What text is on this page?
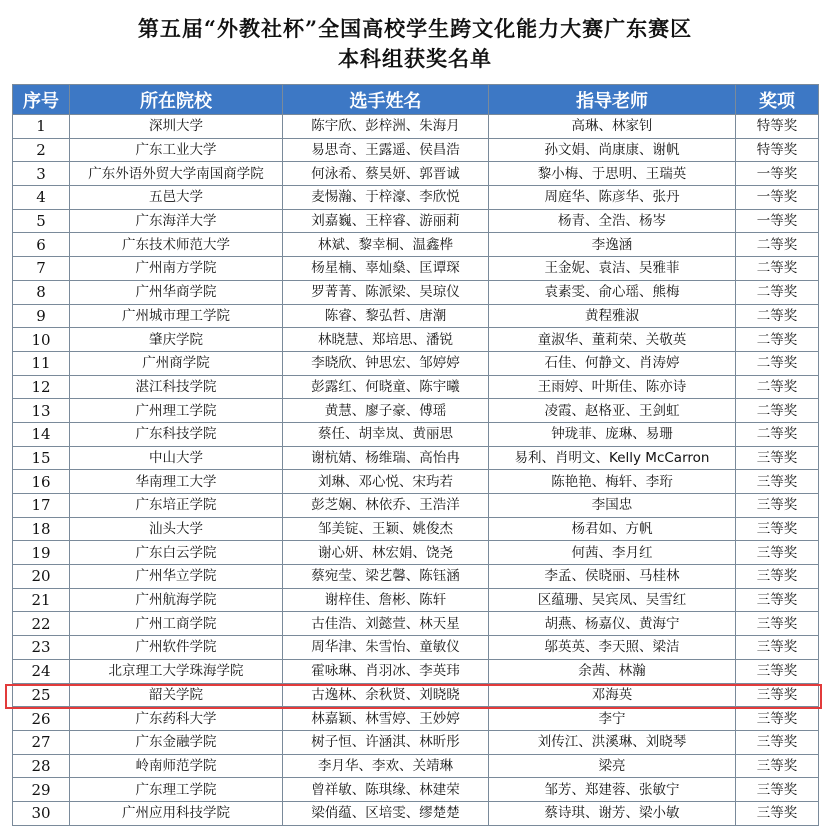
第五届“外教社杯”全国高校学生跨文化能力大赛广东赛区
本科组获奖名单
序号	所在院校	选手姓名	指导老师	奖项
1	深圳大学	陈宇欣、彭梓洲、朱海月	高琳、林家钊	特等奖
2	广东工业大学	易思奇、王露遥、侯昌浩	孙文娟、尚康康、谢帆	特等奖
3	广东外语外贸大学南国商学院	何泳希、蔡昊妍、郭晋诚	黎小梅、于思明、王瑞英	一等奖
4	五邑大学	麦惕瀚、于梓濠、李欣悦	周庭华、陈彦华、张丹	一等奖
5	广东海洋大学	刘嘉巍、王梓睿、游丽莉	杨青、全浩、杨岑	一等奖
6	广东技术师范大学	林斌、黎幸桐、温鑫桦	李逸涵	二等奖
7	广州南方学院	杨星楠、辜灿燊、匡谭琛	王金妮、袁洁、吴雅菲	二等奖
8	广州华商学院	罗菁菁、陈派梁、吴琼仪	袁素雯、俞心瑶、熊梅	二等奖
9	广州城市理工学院	陈睿、黎弘哲、唐潮	黄程雅淑	二等奖
10	肇庆学院	林晓慧、郑培思、潘锐	童淑华、董莉荣、关敬英	二等奖
11	广州商学院	李晓欣、钟思宏、邹婷婷	石佳、何静文、肖涛婷	二等奖
12	湛江科技学院	彭露红、何晓童、陈宇曦	王雨婷、叶斯佳、陈亦诗	二等奖
13	广州理工学院	黄慧、廖子豪、傅瑶	凌霞、赵格亚、王剑虹	二等奖
14	广东科技学院	蔡任、胡幸岚、黄丽思	钟珑菲、庞琳、易珊	二等奖
15	中山大学	谢杭婧、杨维瑞、高怡冉	易利、肖明文、Kelly McCarron	三等奖
16	华南理工大学	刘琳、邓心悦、宋玙若	陈艳艳、梅轩、李珩	三等奖
17	广东培正学院	彭芝娴、林依乔、王浩洋	李国忠	三等奖
18	汕头大学	邹美锭、王颖、姚俊杰	杨君如、方帆	三等奖
19	广东白云学院	谢心妍、林宏娟、饶尧	何茜、李月红	三等奖
20	广州华立学院	蔡宛莹、梁艺馨、陈钰涵	李孟、侯晓丽、马桂林	三等奖
21	广州航海学院	谢梓佳、詹彬、陈轩	区蕴珊、吴宾凤、吴雪红	三等奖
22	广州工商学院	古佳浩、刘懿萱、林天星	胡燕、杨嘉仪、黄海宁	三等奖
23	广州软件学院	周华津、朱雪怡、童敏仪	邬英英、李天照、梁洁	三等奖
24	北京理工大学珠海学院	霍咏琳、肖羽冰、李英玮	余茜、林瀚	三等奖
25	韶关学院	古逸林、余秋贤、刘晓晓	邓海英	三等奖
26	广东药科大学	林嘉颖、林雪婷、王妙婷	李宁	三等奖
27	广东金融学院	树子恒、许涵淇、林昕彤	刘传江、洪溪琳、刘晓琴	三等奖
28	岭南师范学院	李月华、李欢、关靖琳	梁亮	三等奖
29	广东理工学院	曾祥敏、陈琪缘、林建荣	邹芳、郑建蓉、张敏宁	三等奖
30	广州应用科技学院	梁俏蕴、区培雯、缪楚楚	蔡诗琪、谢芳、梁小敏	三等奖
